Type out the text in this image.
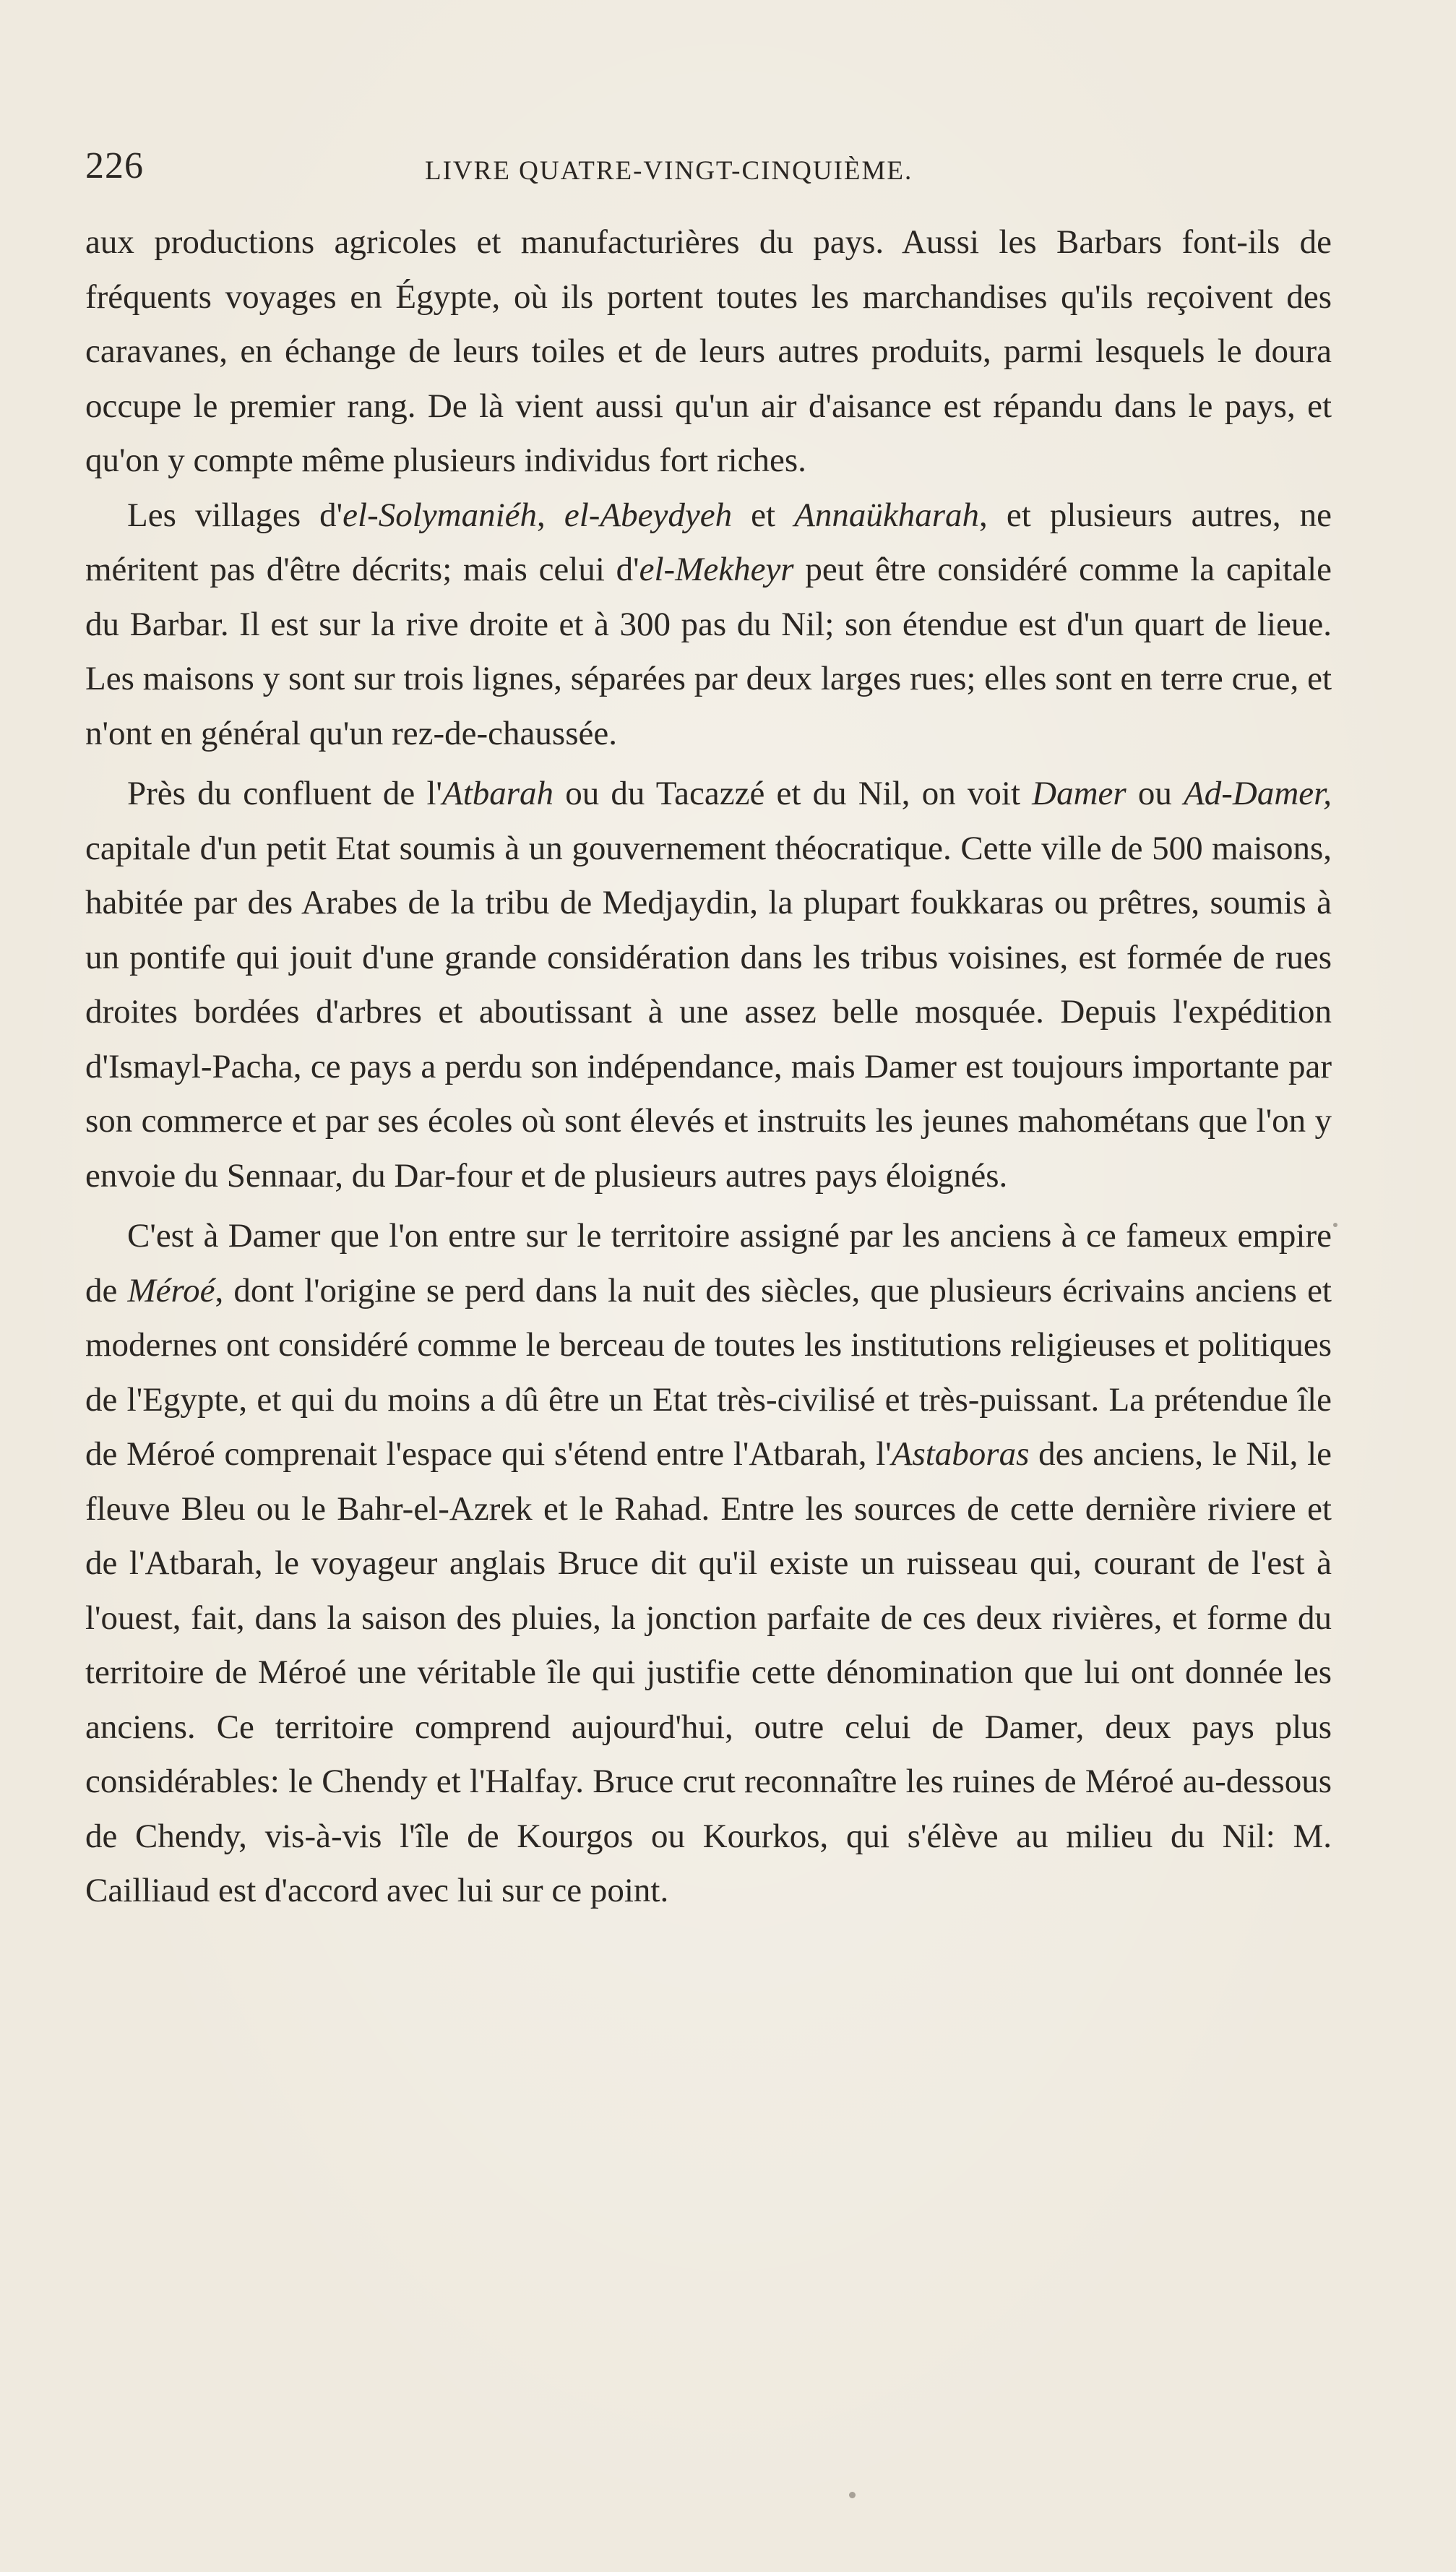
226	LIVRE QUATRE-VINGT-CINQUIÈME.

aux productions agricoles et manufacturières du pays. Aussi les Barbars font-ils de fréquents voyages en Égypte, où ils portent toutes les marchandises qu'ils reçoivent des caravanes, en échange de leurs toiles et de leurs autres produits, parmi lesquels le doura occupe le premier rang. De là vient aussi qu'un air d'aisance est répandu dans le pays, et qu'on y compte même plusieurs individus fort riches.

Les villages d'el-Solymaniéh, el-Abeydyeh et Annaükharah, et plusieurs autres, ne méritent pas d'être décrits; mais celui d'el-Mekheyr peut être considéré comme la capitale du Barbar. Il est sur la rive droite et à 300 pas du Nil; son étendue est d'un quart de lieue. Les maisons y sont sur trois lignes, séparées par deux larges rues; elles sont en terre crue, et n'ont en général qu'un rez-de-chaussée.

Près du confluent de l'Atbarah ou du Tacazzé et du Nil, on voit Damer ou Ad-Damer, capitale d'un petit Etat soumis à un gouvernement théocratique. Cette ville de 500 maisons, habitée par des Arabes de la tribu de Medjaydin, la plupart foukkaras ou prêtres, soumis à un pontife qui jouit d'une grande considération dans les tribus voisines, est formée de rues droites bordées d'arbres et aboutissant à une assez belle mosquée. Depuis l'expédition d'Ismayl-Pacha, ce pays a perdu son indépendance, mais Damer est toujours importante par son commerce et par ses écoles où sont élevés et instruits les jeunes mahométans que l'on y envoie du Sennaar, du Dar-four et de plusieurs autres pays éloignés.

C'est à Damer que l'on entre sur le territoire assigné par les anciens à ce fameux empire de Méroé, dont l'origine se perd dans la nuit des siècles, que plusieurs écrivains anciens et modernes ont considéré comme le berceau de toutes les institutions religieuses et politiques de l'Egypte, et qui du moins a dû être un Etat très-civilisé et très-puissant. La prétendue île de Méroé comprenait l'espace qui s'étend entre l'Atbarah, l'Astaboras des anciens, le Nil, le fleuve Bleu ou le Bahr-el-Azrek et le Rahad. Entre les sources de cette dernière riviere et de l'Atbarah, le voyageur anglais Bruce dit qu'il existe un ruisseau qui, courant de l'est à l'ouest, fait, dans la saison des pluies, la jonction parfaite de ces deux rivières, et forme du territoire de Méroé une véritable île qui justifie cette dénomination que lui ont donnée les anciens. Ce territoire comprend aujourd'hui, outre celui de Damer, deux pays plus considérables: le Chendy et l'Halfay. Bruce crut reconnaître les ruines de Méroé au-dessous de Chendy, vis-à-vis l'île de Kourgos ou Kourkos, qui s'élève au milieu du Nil: M. Cailliaud est d'accord avec lui sur ce point.
